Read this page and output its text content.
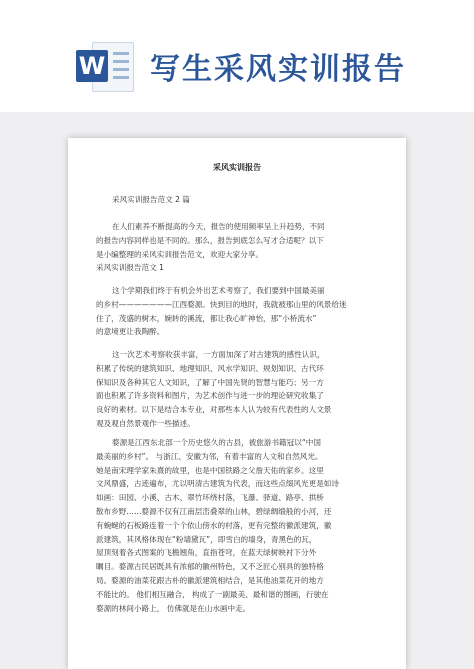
W 写生采风实训报告

采风实训报告

采风实训报告范文 2 篇

在人们素养不断提高的今天，报告的使用频率呈上升趋势，不同
的报告内容同样也是不同的。那么，报告到底怎么写才合适呢？以下
是小编整理的采风实训报告范文，欢迎大家分享。

采风实训报告范文 1

这个学期我们终于有机会外出艺术考察了，我们要到中国最美丽
的乡村———————江西婺源。快到目的地时，我就被那山里的风景给迷
住了，茂盛的树木，婉转的溪流，都让我心旷神怡，那“小桥流水”
的意境更让我陶醉。

这一次艺术考察收获丰富，一方面加深了对古建筑的感性认识，
积累了传统的建筑知识、地理知识、风水学知识、规划知识、古代环
保知识及各种其它人文知识，了解了中国先贤的智慧与能巧；另一方
面也积累了许多资料和图片，为艺术创作与进一步的理论研究收集了
良好的素材。以下是结合本专业，对那些本人认为较有代表性的人文景
观及观自然景观作一些描述。

婺源是江西东北部一个历史悠久的古县，被旅游书籍冠以“中国
最美丽的乡村”。 与浙江、安徽为邻，有着丰富的人文和自然风光。
她是南宋理学家朱熹的故里，也是中国铁路之父詹天佑的家乡。这里
文风鼎盛，古迹遍布，尤以明清古建筑为代表，而这些点缀风光更是如诗
如画：田园、小溪、古木、翠竹环绕村落，飞瀑、驿道、路亭、拱桥
散布乡野……婺源不仅有江南层峦叠翠的山林，碧绿绸缎般的小河，还
有蜿蜒的石板路连着一个个依山傍水的村落，更有完整的徽派建筑，徽
派建筑，其风格体现在“粉墙黛瓦”，即雪白的墙身，青黑色的瓦，
屋顶刻着各式图案的飞檐翘角，直指苍穹，在蓝天绿树映衬下分外
瞩目。婺源古民居既具有浓郁的徽州特色，又不乏匠心别具的独特格
局。婺源的油菜花跟古朴的徽派建筑相结合，是其他油菜花开的地方
不能比的。 他们相互融合， 构成了一副最美、最和谐的图画，行驶在
婺源的林间小路上， 仿佛就是在山水画中走。
